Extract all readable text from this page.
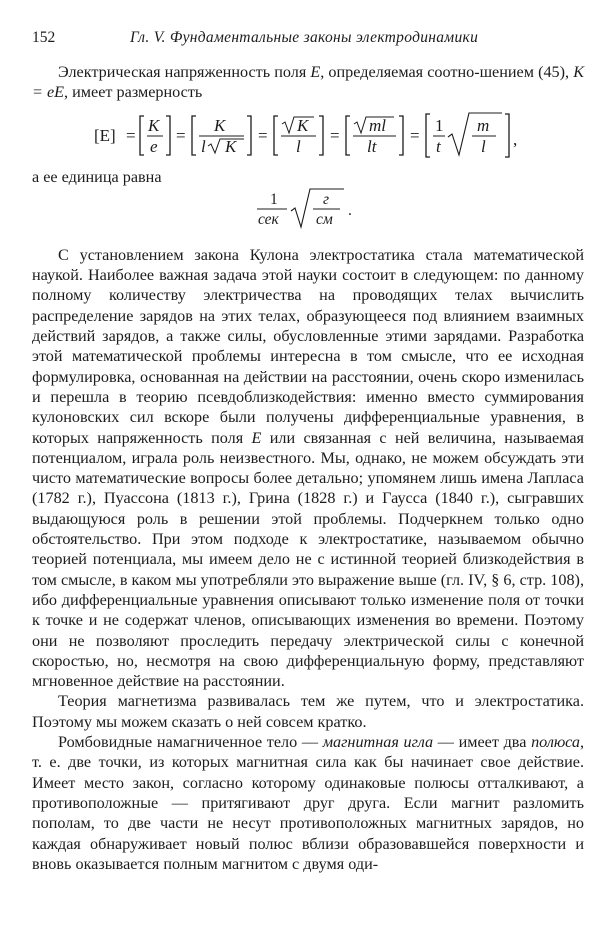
152	Гл. V. Фундаментальные законы электродинамики

Электрическая напряженность поля E, определяемая соотно-шением (45), K = eE, имеет размерность

[E] =
K
e
=
K
l K
=
K
l
=
ml
lt
=
1
t
m
l ,

а ее единица равна

1
сек
г
см
.

С установлением закона Кулона электростатика стала математической наукой. Наиболее важная задача этой науки состоит в следующем: по данному полному количеству электричества на проводящих телах вычислить распределение зарядов на этих телах, образующееся под влиянием взаимных действий зарядов, а также силы, обусловленные этими зарядами. Разработка этой математической проблемы интересна в том смысле, что ее исходная формулировка, основанная на действии на расстоянии, очень скоро изменилась и перешла в теорию псевдоблизкодействия: именно вместо суммирования кулоновских сил вскоре были получены дифференциальные уравнения, в которых напряженность поля E или связанная с ней величина, называемая потенциалом, играла роль неизвестного. Мы, однако, не можем обсуждать эти чисто математические вопросы более детально; упомянем лишь имена Лапласа (1782 г.), Пуассона (1813 г.), Грина (1828 г.) и Гаусса (1840 г.), сыгравших выдающуюся роль в решении этой проблемы. Подчеркнем только одно обстоятельство. При этом подходе к электростатике, называемом обычно теорией потенциала, мы имеем дело не с истинной теорией близкодействия в том смысле, в каком мы употребляли это выражение выше (гл. IV, § 6, стр. 108), ибо дифференциальные уравнения описывают только изменение поля от точки к точке и не содержат членов, описывающих изменения во времени. Поэтому они не позволяют проследить передачу электрической силы с конечной скоростью, но, несмотря на свою дифференциальную форму, представляют мгновенное действие на расстоянии.

Теория магнетизма развивалась тем же путем, что и электростатика. Поэтому мы можем сказать о ней совсем кратко.

Ромбовидные намагниченное тело — магнитная игла — имеет два полюса, т. е. две точки, из которых магнитная сила как бы начинает свое действие. Имеет место закон, согласно которому одинаковые полюсы отталкивают, а противоположные — притягивают друг друга. Если магнит разломить пополам, то две части не несут противоположных магнитных зарядов, но каждая обнаруживает новый полюс вблизи образовавшейся поверхности и вновь оказывается полным магнитом с двумя оди-
